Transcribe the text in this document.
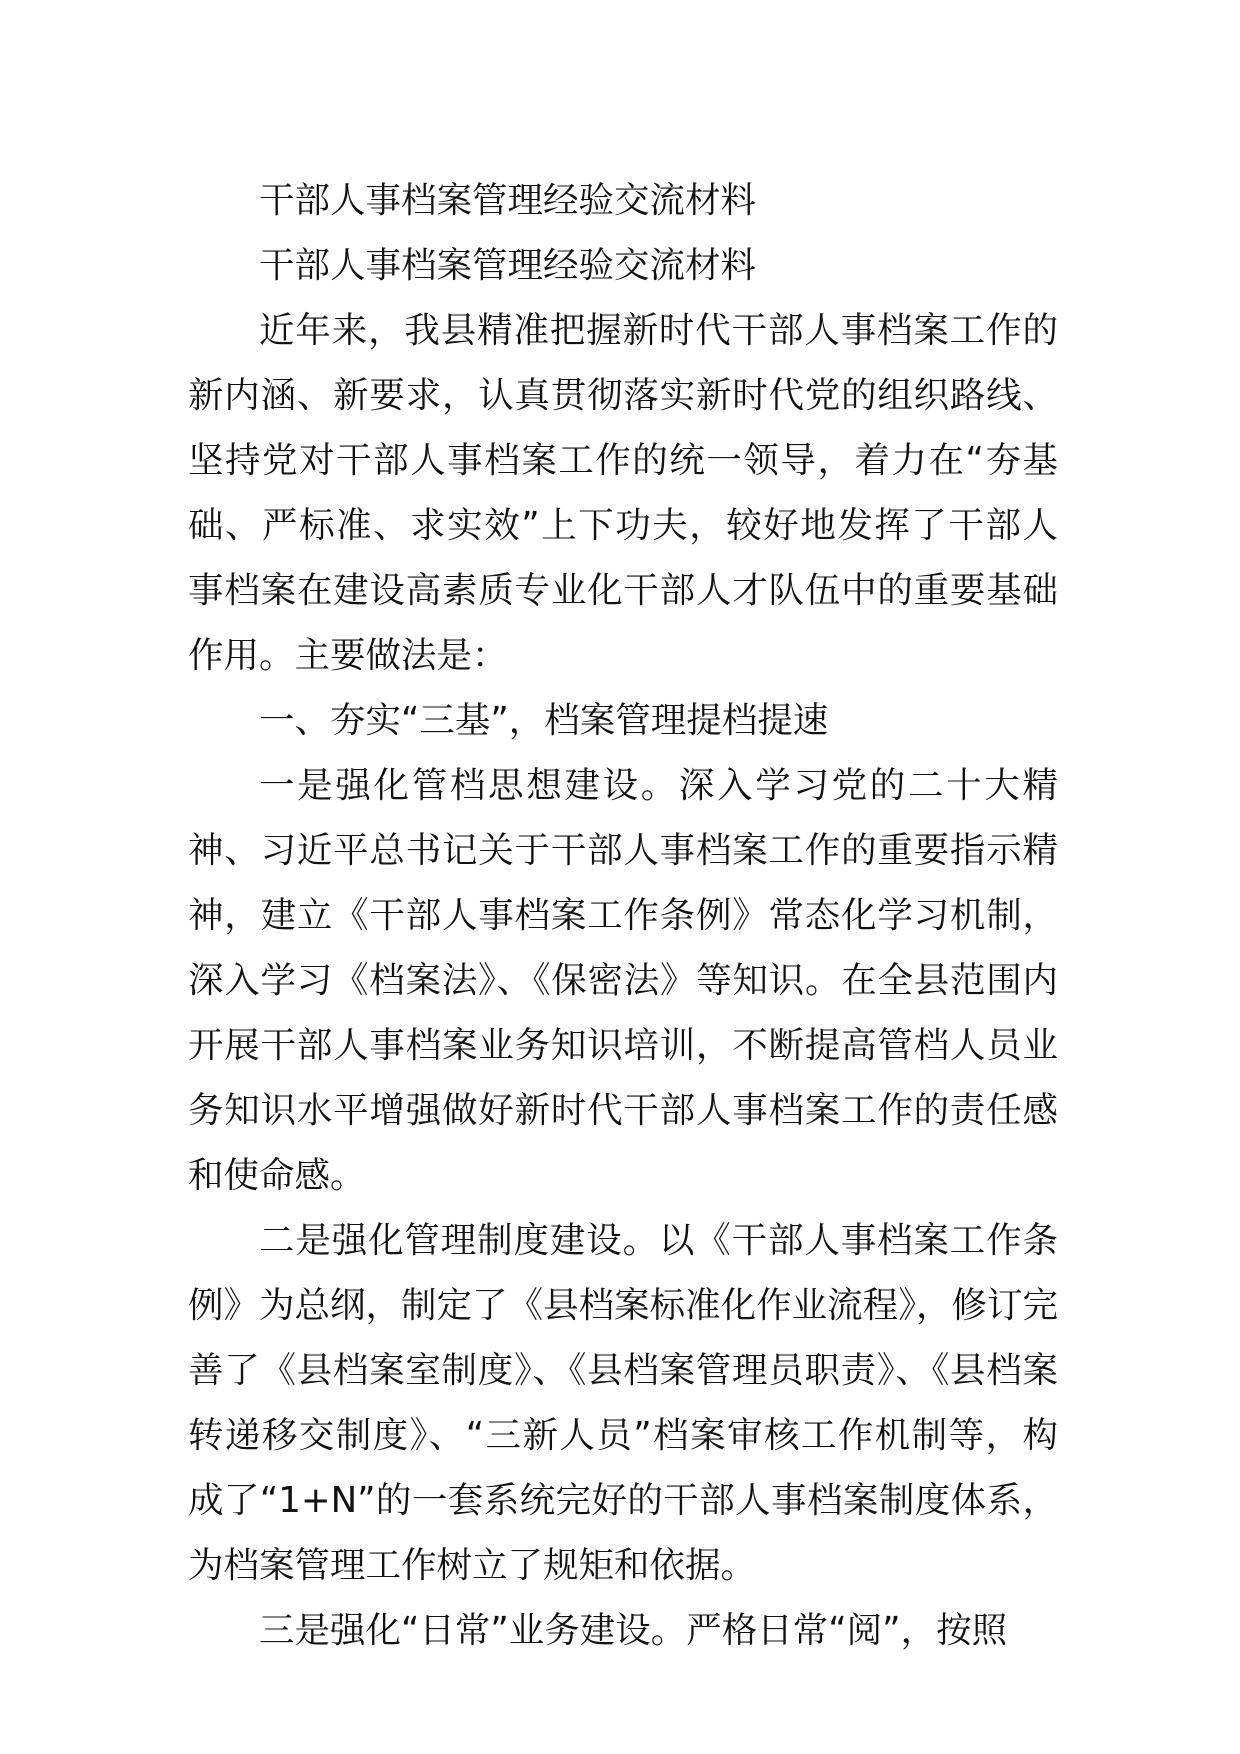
干部人事档案管理经验交流材料

干部人事档案管理经验交流材料

近年来，我县精准把握新时代干部人事档案工作的新内涵、新要求，认真贯彻落实新时代党的组织路线、坚持党对干部人事档案工作的统一领导，着力在“夯基础、严标准、求实效”上下功夫，较好地发挥了干部人事档案在建设高素质专业化干部人才队伍中的重要基础作用。主要做法是：

一、夯实“三基”，档案管理提档提速

一是强化管档思想建设。深入学习党的二十大精神、习近平总书记关于干部人事档案工作的重要指示精神，建立《干部人事档案工作条例》常态化学习机制，深入学习《档案法》、《保密法》等知识。在全县范围内开展干部人事档案业务知识培训，不断提高管档人员业务知识水平增强做好新时代干部人事档案工作的责任感和使命感。

二是强化管理制度建设。以《干部人事档案工作条例》为总纲，制定了《县档案标准化作业流程》，修订完善了《县档案室制度》、《县档案管理员职责》、《县档案转递移交制度》、“三新人员”档案审核工作机制等，构成了“1+N”的一套系统完好的干部人事档案制度体系，为档案管理工作树立了规矩和依据。

三是强化“日常”业务建设。严格日常“阅”，按照
